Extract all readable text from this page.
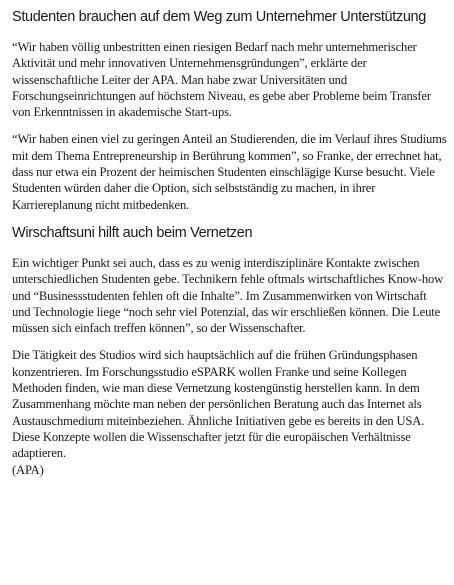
Studenten brauchen auf dem Weg zum Unternehmer Unterstützung

“Wir haben völlig unbestritten einen riesigen Bedarf nach mehr unternehmerischer Aktivität und mehr innovativen Unternehmensgründungen”, erklärte der wissenschaftliche Leiter der APA. Man habe zwar Universitäten und Forschungseinrichtungen auf höchstem Niveau, es gebe aber Probleme beim Transfer von Erkenntnissen in akademische Start-ups.

“Wir haben einen viel zu geringen Anteil an Studierenden, die im Verlauf ihres Studiums mit dem Thema Entrepreneurship in Berührung kommen”, so Franke, der errechnet hat, dass nur etwa ein Prozent der heimischen Studenten einschlägige Kurse besucht. Viele Studenten würden daher die Option, sich selbstständig zu machen, in ihrer Karriereplanung nicht mitbedenken.

Wirschaftsuni hilft auch beim Vernetzen

Ein wichtiger Punkt sei auch, dass es zu wenig interdisziplinäre Kontakte zwischen unterschiedlichen Studenten gebe. Technikern fehle oftmals wirtschaftliches Know-how und “Businessstudenten fehlen oft die Inhalte”. Im Zusammenwirken von Wirtschaft und Technologie liege “noch sehr viel Potenzial, das wir erschließen können. Die Leute müssen sich einfach treffen können”, so der Wissenschafter.

Die Tätigkeit des Studios wird sich hauptsächlich auf die frühen Gründungsphasen konzentrieren. Im Forschungsstudio eSPARK wollen Franke und seine Kollegen Methoden finden, wie man diese Vernetzung kostengünstig herstellen kann. In dem Zusammenhang möchte man neben der persönlichen Beratung auch das Internet als Austauschmedium miteinbeziehen. Ähnliche Initiativen gebe es bereits in den USA. Diese Konzepte wollen die Wissenschafter jetzt für die europäischen Verhältnisse adaptieren.

(APA)
